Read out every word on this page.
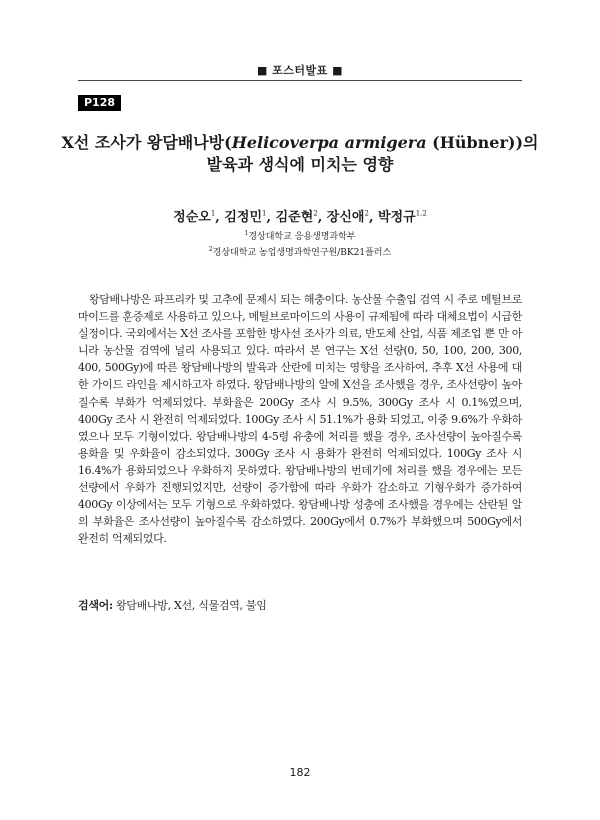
■ 포스터발표 ■
P128
X선 조사가 왕담배나방(Helicoverpa armigera (Hübner))의
발육과 생식에 미치는 영향
정순오$^1$, 김정민$^1$, 김준현$^2$, 장신애$^2$, 박정규$^{1,2}$
$^1$경상대학교 응용생명과학부
$^2$경상대학교 농업생명과학연구원/BK21플러스

왕담배나방은 파프리카 및 고추에 문제시 되는 해충이다. 농산물 수출입 검역 시 주로 메틸브로마이드를 훈증제로 사용하고 있으나, 메틸브로마이드의 사용이 규제됨에 따라 대체요법이 시급한 실정이다. 국외에서는 X선 조사를 포함한 방사선 조사가 의료, 반도체 산업, 식품 제조업 뿐 만 아니라 농산물 검역에 널리 사용되고 있다. 따라서 본 연구는 X선 선량(0, 50, 100, 200, 300, 400, 500Gy)에 따른 왕담배나방의 발육과 산란에 미치는 영향을 조사하여, 추후 X선 사용에 대한 가이드 라인을 제시하고자 하였다. 왕담배나방의 알에 X선을 조사했을 경우, 조사선량이 높아질수록 부화가 억제되었다. 부화율은 200Gy 조사 시 9.5%, 300Gy 조사 시 0.1%였으며, 400Gy 조사 시 완전히 억제되었다. 100Gy 조사 시 51.1%가 용화 되었고, 이중 9.6%가 우화하였으나 모두 기형이었다. 왕담배나방의 4-5령 유충에 처리를 했을 경우, 조사선량이 높아질수록 용화율 및 우화율이 감소되었다. 300Gy 조사 시 용화가 완전히 억제되었다. 100Gy 조사 시 16.4%가 용화되었으나 우화하지 못하였다. 왕담배나방의 번데기에 처리를 했을 경우에는 모든 선량에서 우화가 진행되었지만, 선량이 증가함에 따라 우화가 감소하고 기형우화가 증가하여 400Gy 이상에서는 모두 기형으로 우화하였다. 왕담배나방 성충에 조사했을 경우에는 산란된 알의 부화율은 조사선량이 높아질수록 감소하였다. 200Gy에서 0.7%가 부화했으며 500Gy에서 완전히 억제되었다.

검색어: 왕담배나방, X선, 식물검역, 불임
182
